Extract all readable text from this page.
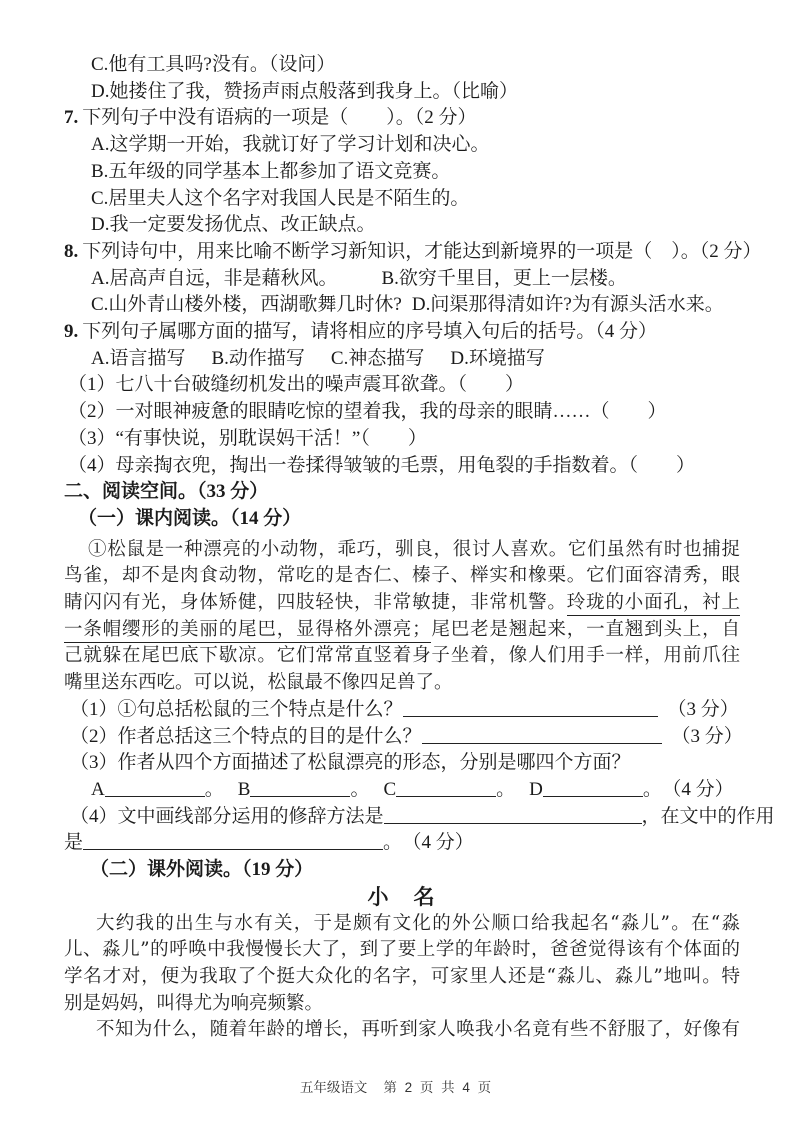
C.他有工具吗?没有。（设问）
D.她搂住了我，赞扬声雨点般落到我身上。（比喻）
7. 下列句子中没有语病的一项是（　　）。（2 分）
A.这学期一开始，我就订好了学习计划和决心。
B.五年级的同学基本上都参加了语文竞赛。
C.居里夫人这个名字对我国人民是不陌生的。
D.我一定要发扬优点、改正缺点。
8. 下列诗句中，用来比喻不断学习新知识，才能达到新境界的一项是（　）。（2 分）
A.居高声自远，非是藉秋风。 B.欲穷千里目，更上一层楼。
C.山外青山楼外楼，西湖歌舞几时休? D.问渠那得清如许?为有源头活水来。
9. 下列句子属哪方面的描写，请将相应的序号填入句后的括号。（4 分）
A.语言描写 B.动作描写 C.神态描写 D.环境描写
（1）七八十台破缝纫机发出的噪声震耳欲聋。（　　）
（2）一对眼神疲惫的眼睛吃惊的望着我，我的母亲的眼睛……（　　）
（3）“有事快说，别耽误妈干活！”（　　）
（4）母亲掏衣兜，掏出一卷揉得皱皱的毛票，用龟裂的手指数着。（　　）
二、阅读空间。（33 分）
（一）课内阅读。（14 分）
①松鼠是一种漂亮的小动物，乖巧，驯良，很讨人喜欢。它们虽然有时也捕捉
鸟雀，却不是肉食动物，常吃的是杏仁、榛子、榉实和橡栗。它们面容清秀，眼
睛闪闪有光，身体矫健，四肢轻快，非常敏捷，非常机警。玲珑的小面孔，衬上
一条帽缨形的美丽的尾巴，显得格外漂亮；尾巴老是翘起来，一直翘到头上，自
己就躲在尾巴底下歇凉。它们常常直竖着身子坐着，像人们用手一样，用前爪往
嘴里送东西吃。可以说，松鼠最不像四足兽了。
（1）①句总括松鼠的三个特点是什么？	（3 分）
（2）作者总括这三个特点的目的是什么？	（3 分）
（3）作者从四个方面描述了松鼠漂亮的形态，分别是哪四个方面？
A	。 B	。 C	。 D	。 （4 分）
（4）文中画线部分运用的修辞方法是	，在文中的作用
是	。 （4 分）
（二）课外阅读。（19 分）
小　名
大约我的出生与水有关，于是颇有文化的外公顺口给我起名“淼儿”。在“淼
儿、淼儿”的呼唤中我慢慢长大了，到了要上学的年龄时，爸爸觉得该有个体面的
学名才对，便为我取了个挺大众化的名字，可家里人还是“淼儿、淼儿”地叫。特
别是妈妈，叫得尤为响亮频繁。
不知为什么，随着年龄的增长，再听到家人唤我小名竟有些不舒服了，好像有
五年级语文 第 2 页 共 4 页
